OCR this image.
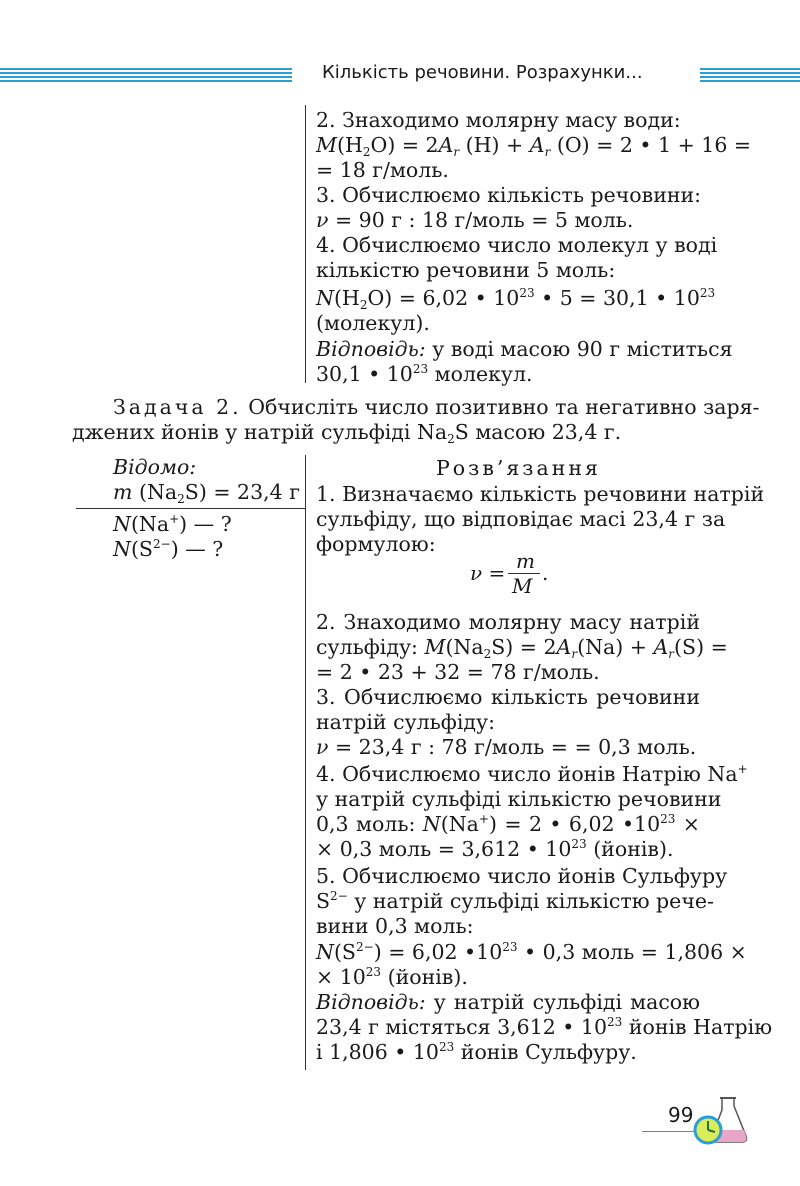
Кількість речовини. Розрахунки...
2. Знаходимо молярну масу води:
$M(H_2O) = 2A_r$ $(H) + A_r$ (O) = 2 • 1 + 16 =
= 18 г/моль.
3. Обчислюємо кількість речовини:
ν = 90 г : 18 г/моль = 5 моль.
4. Обчислюємо число молекул у воді
кількістю речовини 5 моль:
$N(H_2O) = 6,02$ • $10^{23}$ • 5 = 30,1 • $10^{23}$
(молекул).
Відповідь: у воді масою 90 г міститься
30,1 • $10^{23}$ молекул.
Задача 2. Обчисліть число позитивно та негативно заря-
джених йонів у натрій сульфіді $Na_2S$ масою 23,4 г.
Відомо:
m $(Na_2S) = 23,4$ г
N(Na+) — ?
$N(S^{2-})$ — ?
Розв’язання
1. Визначаємо кількість речовини натрій
сульфіду, що відповідає масі 23,4 г за
формулою:
ν = m
M
.
2. Знаходимо молярну масу натрій
сульфіду: $M(Na_2S) = 2A_r(Na) + A_r(S)$ =
= 2 • 23 + 32 = 78 г/моль.
3. Обчислюємо кількість речовини
натрій сульфіду:
ν = 23,4 г : 78 г/моль = = 0,3 моль.
4. Обчислюємо число йонів Натрію Na+
у натрій сульфіді кількістю речовини
0,3 моль: N(Na+) = 2 • 6,02 $•10^{23}$ ×
× 0,3 моль = 3,612 • $10^{23}$ (йонів).
5. Обчислюємо число йонів Сульфуру
$S^{2-}$ у натрій сульфіді кількістю рече-
вини 0,3 моль:
$N(S^{2-}) = 6,02$ $•10^{23}$ • 0,3 моль = 1,806 ×
× $10^{23}$ (йонів).
Відповідь: у натрій сульфіді масою
23,4 г містяться 3,612 • $10^{23}$ йонів Натрію
і 1,806 • $10^{23}$ йонів Сульфуру.
99
